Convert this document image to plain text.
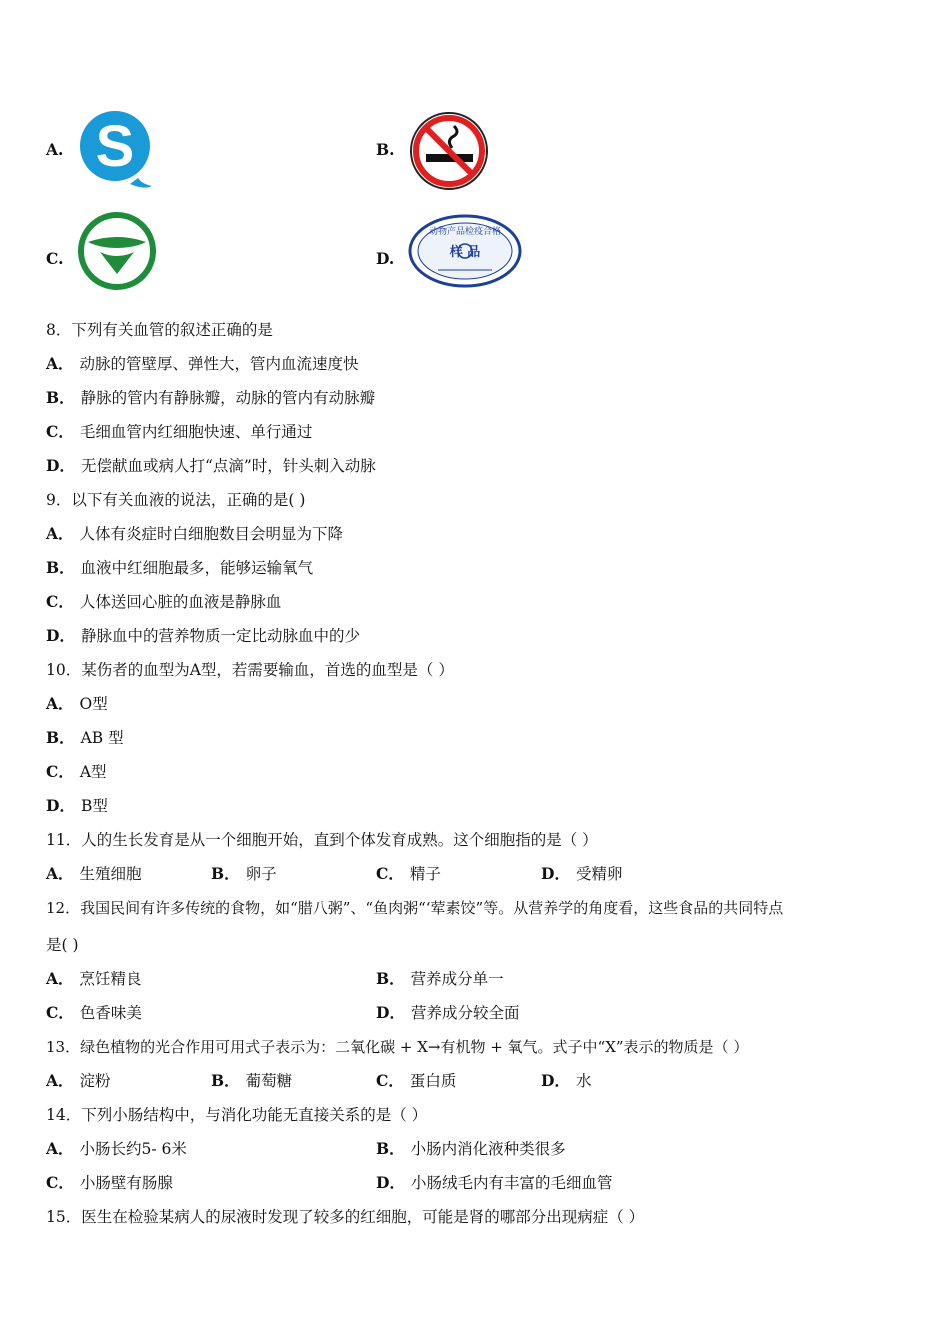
A. S	B.
C.	D.
动物产品检疫合格
样 品
8．下列有关血管的叙述正确的是
A． 动脉的管壁厚、弹性大，管内血流速度快
B． 静脉的管内有静脉瓣，动脉的管内有动脉瓣
C． 毛细血管内红细胞快速、单行通过
D． 无偿献血或病人打“点滴”时，针头刺入动脉
9．以下有关血液的说法，正确的是( )
A． 人体有炎症时白细胞数目会明显为下降
B． 血液中红细胞最多，能够运输氧气
C． 人体送回心脏的血液是静脉血
D． 静脉血中的营养物质一定比动脉血中的少
10．某伤者的血型为A型，若需要输血，首选的血型是（ ）
A． O型
B． AB 型
C． A型
D． B型
11．人的生长发育是从一个细胞开始，直到个体发育成熟。这个细胞指的是（ ）
A． 生殖细胞	B． 卵子	C． 精子	D． 受精卵
12．我国民间有许多传统的食物，如“腊八粥”、“鱼肉粥“‘荤素饺”等。从营养学的角度看，这些食品的共同特点
是( )
A． 烹饪精良	B． 营养成分单一
C． 色香味美	D． 营养成分较全面
13．绿色植物的光合作用可用式子表示为：二氧化碳 + X→有机物 + 氧气。式子中“X”表示的物质是（ ）
A． 淀粉	B． 葡萄糖	C． 蛋白质	D． 水
14．下列小肠结构中，与消化功能无直接关系的是（ ）
A． 小肠长约5- 6米	B． 小肠内消化液种类很多
C． 小肠壁有肠腺	D． 小肠绒毛内有丰富的毛细血管
15．医生在检验某病人的尿液时发现了较多的红细胞，可能是肾的哪部分出现病症（ ）
